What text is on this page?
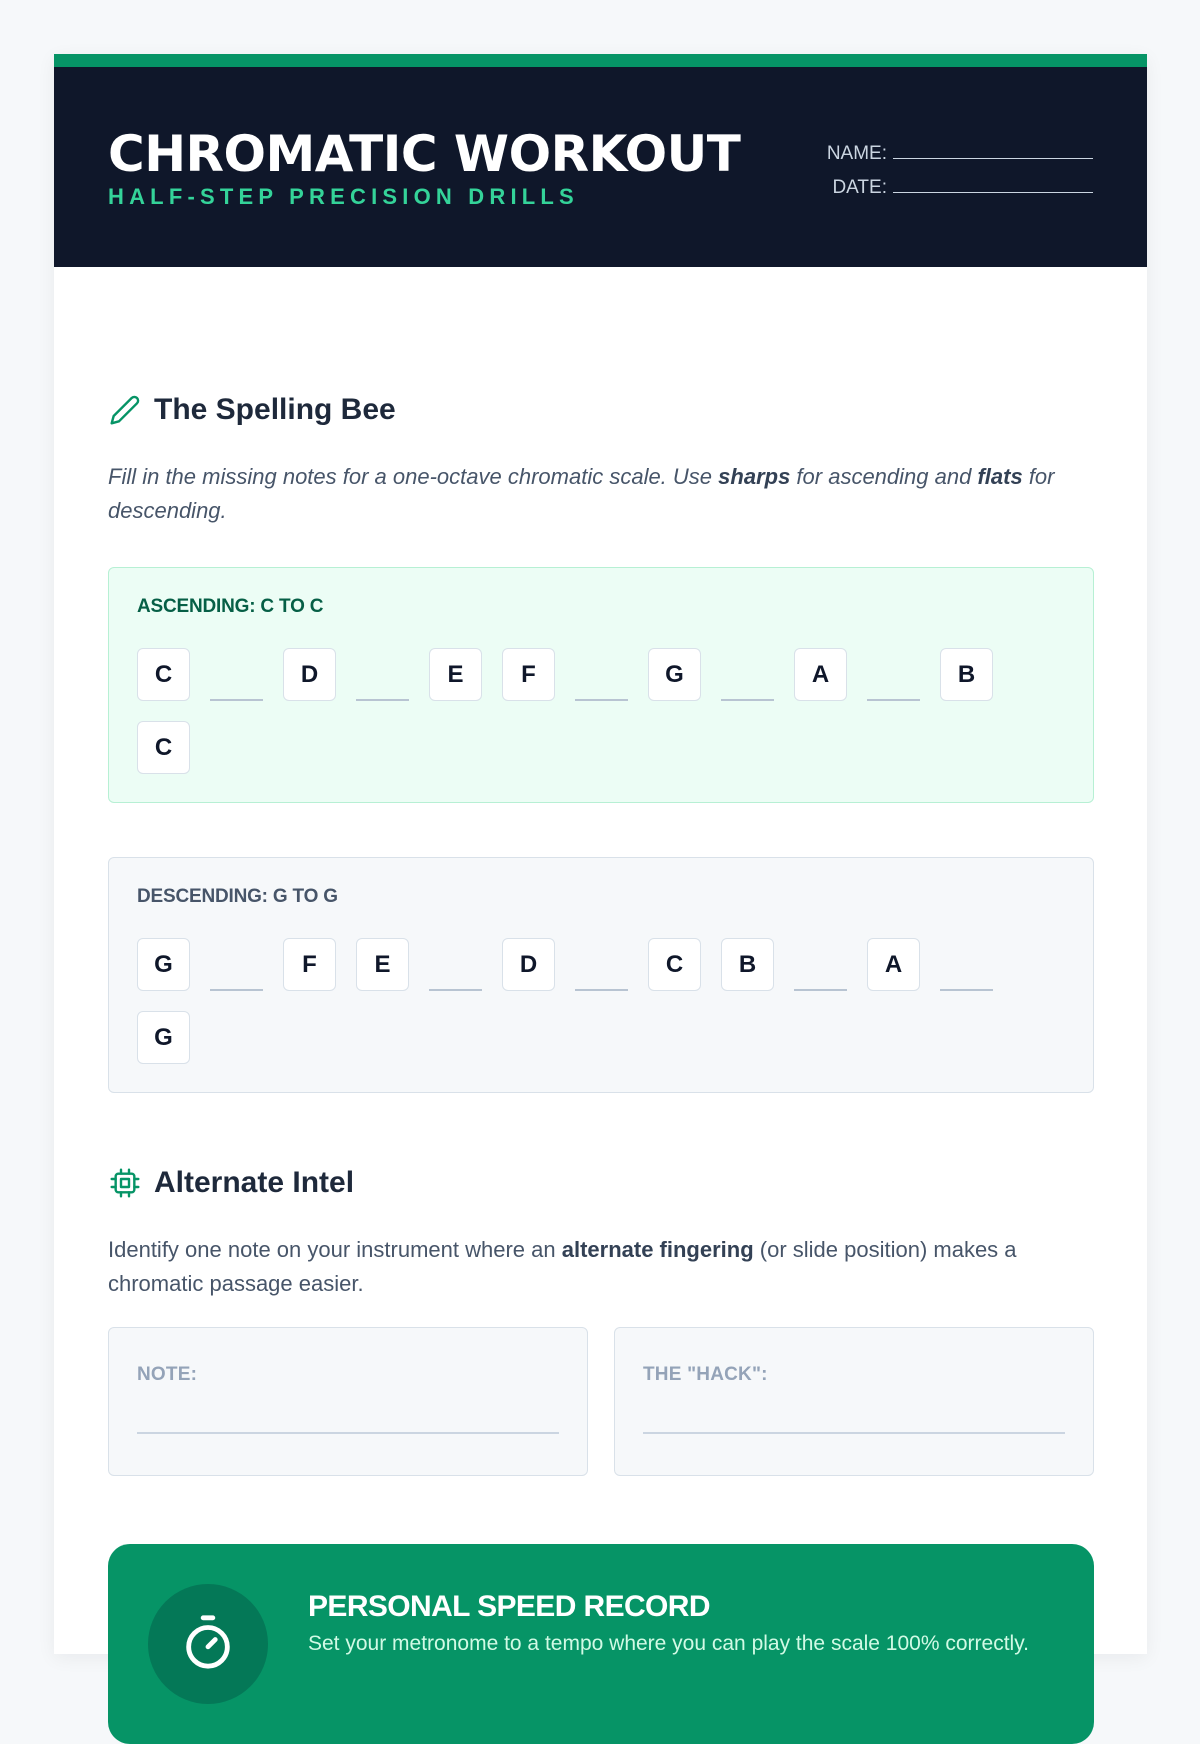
CHROMATIC WORKOUT
HALF-STEP PRECISION DRILLS
NAME:
DATE:
The Spelling Bee

Fill in the missing notes for a one-octave chromatic scale. Use sharps for ascending and flats for descending.

ASCENDING: C TO C
C	D	E	F	G	A	B
C
DESCENDING: G TO G
G	F	E	D	C	B	A
G
Alternate Intel

Identify one note on your instrument where an alternate fingering (or slide position) makes a chromatic passage easier.

NOTE:	THE "HACK":
PERSONAL SPEED RECORD
Set your metronome to a tempo where you can play the scale 100% correctly.
